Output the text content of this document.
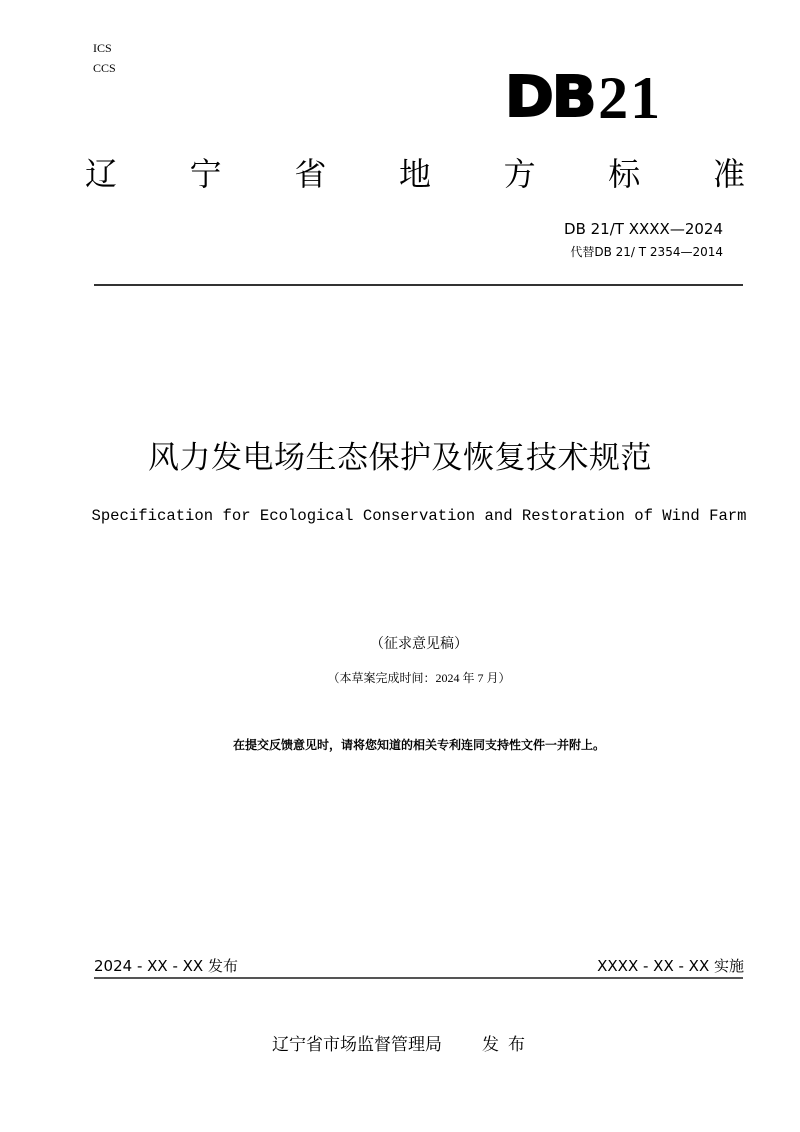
ICS
CCS	DB 21
辽 宁 省 地 方 标 准
DB 21/T XXXX—2024
代替DB 21/ T 2354—2014
风力发电场生态保护及恢复技术规范
Specification for Ecological Conservation and Restoration of Wind Farm
（征求意见稿）
（本草案完成时间：2024 年 7 月）
在提交反馈意见时，请将您知道的相关专利连同支持性文件一并附上。
2024 - XX - XX 发布	XXXX - XX - XX 实施
辽宁省市场监督管理局 发布
